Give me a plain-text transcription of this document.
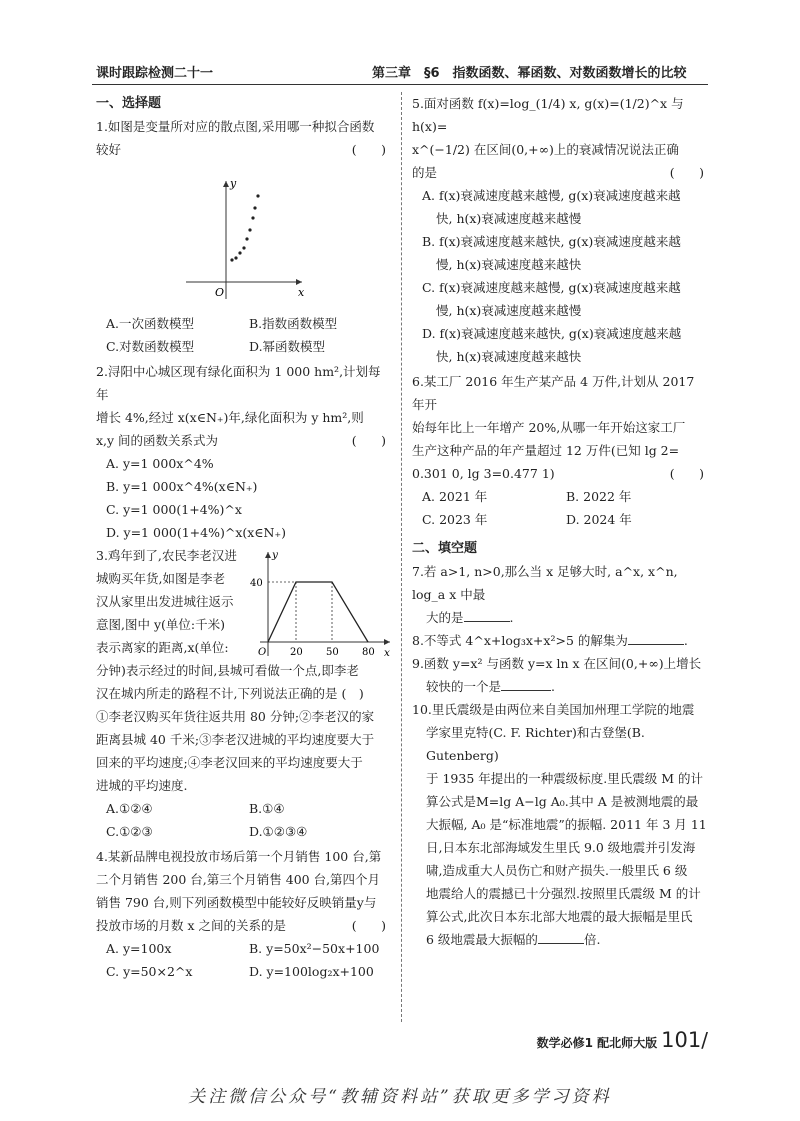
课时跟踪检测二十一	第三章　§6　指数函数、幂函数、对数函数增长的比较
一、选择题

1.如图是变量所对应的散点图,采用哪一种拟合函数

较好	(　)

y
x
O
A.一次函数模型	B.指数函数模型
C.对数函数模型	D.幂函数模型

2.浔阳中心城区现有绿化面积为 1 000 hm²,计划每年

增长 4%,经过 x(x∈N₊)年,绿化面积为 y hm²,则

x,y 间的函数关系式为	(　)

A. y=1 000x^4%
B. y=1 000x^4%(x∈N₊)
C. y=1 000(1+4%)^x
D. y=1 000(1+4%)^x(x∈N₊)
y
x
O
40
20 50 80

3.鸡年到了,农民李老汉进

城购买年货,如图是李老

汉从家里出发进城往返示

意图,图中 y(单位:千米)

表示离家的距离,x(单位:

分钟)表示经过的时间,县城可看做一个点,即李老

汉在城内所走的路程不计,下列说法正确的是 (　)

①李老汉购买年货往返共用 80 分钟;②李老汉的家

距离县城 40 千米;③李老汉进城的平均速度要大于

回来的平均速度;④李老汉回来的平均速度要大于

进城的平均速度.

A.①②④	B.①④
C.①②③	D.①②③④

4.某新品牌电视投放市场后第一个月销售 100 台,第

二个月销售 200 台,第三个月销售 400 台,第四个月

销售 790 台,则下列函数模型中能较好反映销量y与

投放市场的月数 x 之间的关系的是	(　)

A. y=100x	B. y=50x²−50x+100
C. y=50×2^x	D. y=100log₂x+100

5.面对函数 f(x)=log_(1/4) x, g(x)=(1/2)^x 与 h(x)=

x^(−1/2) 在区间(0,+∞)上的衰减情况说法正确

的是	(　)

A. f(x)衰减速度越来越慢, g(x)衰减速度越来越

快, h(x)衰减速度越来越慢

B. f(x)衰减速度越来越快, g(x)衰减速度越来越

慢, h(x)衰减速度越来越快

C. f(x)衰减速度越来越慢, g(x)衰减速度越来越

慢, h(x)衰减速度越来越慢

D. f(x)衰减速度越来越快, g(x)衰减速度越来越

快, h(x)衰减速度越来越快

6.某工厂 2016 年生产某产品 4 万件,计划从 2017 年开

始每年比上一年增产 20%,从哪一年开始这家工厂

生产这种产品的年产量超过 12 万件(已知 lg 2=

0.301 0, lg 3=0.477 1)	(　)

A. 2021 年	B. 2022 年
C. 2023 年	D. 2024 年
二、填空题

7.若 a>1, n>0,那么当 x 足够大时, a^x, x^n, log_a x 中最

大的是	.

8.不等式 4^x+log₃x+x²>5 的解集为	.

9.函数 y=x² 与函数 y=x ln x 在区间(0,+∞)上增长

较快的一个是	.

10.里氏震级是由两位来自美国加州理工学院的地震

学家里克特(C. F. Richter)和古登堡(B. Gutenberg)

于 1935 年提出的一种震级标度.里氏震级 M 的计

算公式是M=lg A−lg A₀.其中 A 是被测地震的最

大振幅, A₀ 是“标准地震”的振幅. 2011 年 3 月 11

日,日本东北部海域发生里氏 9.0 级地震并引发海

啸,造成重大人员伤亡和财产损失.一般里氏 6 级

地震给人的震撼已十分强烈.按照里氏震级 M 的计

算公式,此次日本东北部大地震的最大振幅是里氏

6 级地震最大振幅的	倍.

数学必修1 配北师大版 101/
关注微信公众号“教辅资料站”获取更多学习资料
